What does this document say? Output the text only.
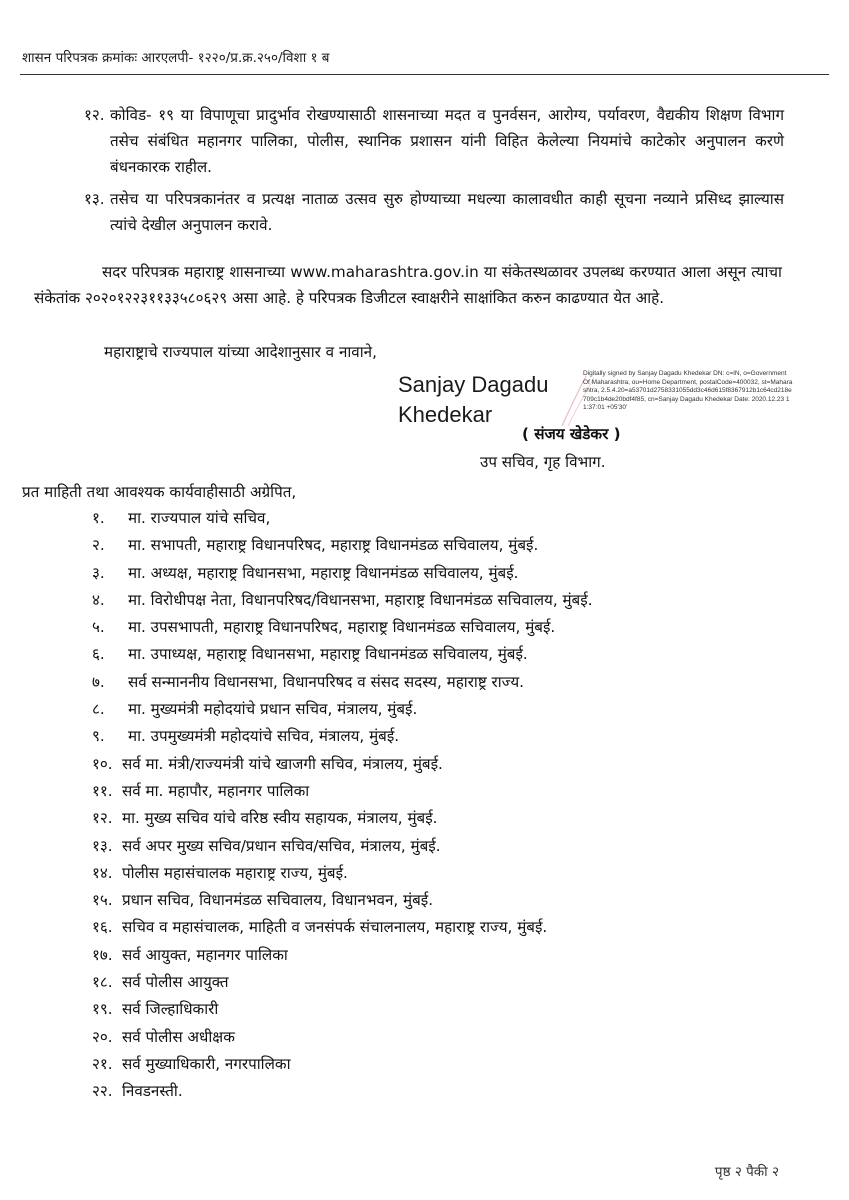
शासन परिपत्रक क्रमांकः आरएलपी- १२२०/प्र.क्र.२५०/विशा १ ब
१२. कोविड- १९ या विपाणूचा प्रादुर्भाव रोखण्यासाठी शासनाच्या मदत व पुनर्वसन, आरोग्य, पर्यावरण, वैद्यकीय शिक्षण विभाग तसेच संबंधित महानगर पालिका, पोलीस, स्थानिक प्रशासन यांनी विहित केलेल्या नियमांचे काटेकोर अनुपालन करणे बंधनकारक राहील.
१३. तसेच या परिपत्रकानंतर व प्रत्यक्ष नाताळ उत्सव सुरु होण्याच्या मधल्या कालावधीत काही सूचना नव्याने प्रसिध्द झाल्यास त्यांचे देखील अनुपालन करावे.
सदर परिपत्रक महाराष्ट्र शासनाच्या www.maharashtra.gov.in या संकेतस्थळावर उपलब्ध करण्यात आला असून त्याचा संकेतांक २०२०१२२३११३३५८०६२९ असा आहे. हे परिपत्रक डिजीटल स्वाक्षरीने साक्षांकित करुन काढण्यात येत आहे.
महाराष्ट्राचे राज्यपाल यांच्या आदेशानुसार व नावाने,
Sanjay Dagadu
Khedekar
Digitally signed by Sanjay Dagadu Khedekar DN: c=IN, o=Government Of Maharashtra, ou=Home Department, postalCode=400032, st=Maharashtra, 2.5.4.20=a53701d2758331055dd3c46d615f8367912b1c64cd218e709c1b4de20bdf4f85, cn=Sanjay Dagadu Khedekar Date: 2020.12.23 11:37:01 +05'30'
( संजय खेडेकर )
उप सचिव, गृह विभाग.
प्रत माहिती तथा आवश्यक कार्यवाहीसाठी अग्रेपित,
१. मा. राज्यपाल यांचे सचिव,
२. मा. सभापती, महाराष्ट्र विधानपरिषद, महाराष्ट्र विधानमंडळ सचिवालय, मुंबई.
३. मा. अध्यक्ष, महाराष्ट्र विधानसभा, महाराष्ट्र विधानमंडळ सचिवालय, मुंबई.
४. मा. विरोधीपक्ष नेता, विधानपरिषद/विधानसभा, महाराष्ट्र विधानमंडळ सचिवालय, मुंबई.
५. मा. उपसभापती, महाराष्ट्र विधानपरिषद, महाराष्ट्र विधानमंडळ सचिवालय, मुंबई.
६. मा. उपाध्यक्ष, महाराष्ट्र विधानसभा, महाराष्ट्र विधानमंडळ सचिवालय, मुंबई.
७. सर्व सन्माननीय विधानसभा, विधानपरिषद व संसद सदस्य, महाराष्ट्र राज्य.
८. मा. मुख्यमंत्री महोदयांचे प्रधान सचिव, मंत्रालय, मुंबई.
९. मा. उपमुख्यमंत्री महोदयांचे सचिव, मंत्रालय, मुंबई.
१०. सर्व मा. मंत्री/राज्यमंत्री यांचे खाजगी सचिव, मंत्रालय, मुंबई.
११. सर्व मा. महापौर, महानगर पालिका
१२. मा. मुख्य सचिव यांचे वरिष्ठ स्वीय सहायक, मंत्रालय, मुंबई.
१३. सर्व अपर मुख्य सचिव/प्रधान सचिव/सचिव, मंत्रालय, मुंबई.
१४. पोलीस महासंचालक महाराष्ट्र राज्य, मुंबई.
१५. प्रधान सचिव, विधानमंडळ सचिवालय, विधानभवन, मुंबई.
१६. सचिव व महासंचालक, माहिती व जनसंपर्क संचालनालय, महाराष्ट्र राज्य, मुंबई.
१७. सर्व आयुक्त, महानगर पालिका
१८. सर्व पोलीस आयुक्त
१९. सर्व जिल्हाधिकारी
२०. सर्व पोलीस अधीक्षक
२१. सर्व मुख्याधिकारी, नगरपालिका
२२. निवडनस्ती.
पृष्ठ २ पैकी २
